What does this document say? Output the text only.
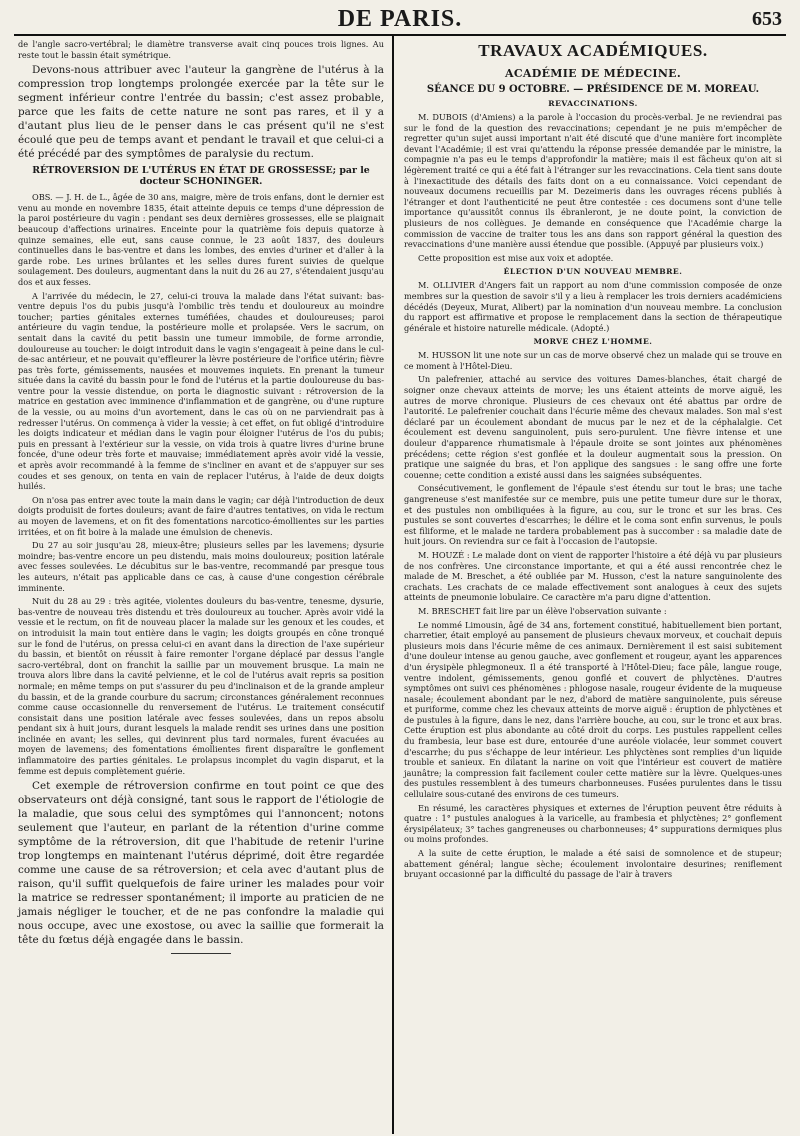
DE PARIS.	653

de l'angle sacro-vertébral; le diamètre transverse avait cinq pouces trois lignes. Au reste tout le bassin était symétrique.

Devons-nous attribuer avec l'auteur la gangrène de l'utérus à la compression trop longtemps prolongée exercée par la tête sur le segment inférieur contre l'entrée du bassin; c'est assez probable, parce que les faits de cette nature ne sont pas rares, et il y a d'autant plus lieu de le penser dans le cas présent qu'il ne s'est écoulé que peu de temps avant et pendant le travail et que celui-ci a été précédé par des symptômes de paralysie du rectum.

RÉTROVERSION DE L'UTÉRUS EN ÉTAT DE GROSSESSE; par le docteur SCHONINGER.

OBS. — J. H. de L., âgée de 30 ans, maigre, mère de trois enfans, dont le dernier est venu au monde en novembre 1835, était atteinte depuis ce temps d'une dépression de la paroi postérieure du vagin : pendant ses deux dernières grossesses, elle se plaignait beaucoup d'affections urinaires. Enceinte pour la quatrième fois depuis quatorze à quinze semaines, elle eut, sans cause connue, le 23 août 1837, des douleurs continuelles dans le bas-ventre et dans les lombes, des envies d'uriner et d'aller à la garde robe. Les urines brûlantes et les selles dures furent suivies de quelque soulagement. Des douleurs, augmentant dans la nuit du 26 au 27, s'étendaient jusqu'au dos et aux fesses.

A l'arrivée du médecin, le 27, celui-ci trouva la malade dans l'état suivant: bas-ventre depuis l'os du pubis jusqu'à l'ombilic très tendu et douloureux au moindre toucher; parties génitales externes tuméfiées, chaudes et douloureuses; paroi antérieure du vagin tendue, la postérieure molle et prolapsée. Vers le sacrum, on sentait dans la cavité du petit bassin une tumeur immobile, de forme arrondie, douloureuse au toucher: le doigt introduit dans le vagin s'engageait à peine dans le cul-de-sac antérieur, et ne pouvait qu'effleurer la lèvre postérieure de l'orifice utérin; fièvre pas très forte, gémissements, nausées et mouvemes inquiets. En prenant la tumeur située dans la cavité du bassin pour le fond de l'utérus et la partie douloureuse du bas-ventre pour la vessie distendue, on porta le diagnostic suivant : rétroversion de la matrice en gestation avec imminence d'inflammation et de gangrène, ou d'une rupture de la vessie, ou au moins d'un avortement, dans le cas où on ne parviendrait pas à redresser l'utérus. On commença à vider la vessie; à cet effet, on fut obligé d'introduire les doigts indicateur et médian dans le vagin pour éloigner l'utérus de l'os du pubis; puis en pressant à l'extérieur sur la vessie, on vida trois à quatre livres d'urine brune foncée, d'une odeur très forte et mauvaise; immédiatement après avoir vidé la vessie, et après avoir recommandé à la femme de s'incliner en avant et de s'appuyer sur ses coudes et ses genoux, on tenta en vain de replacer l'utérus, à l'aide de deux doigts huilés.

On n'osa pas entrer avec toute la main dans le vagin; car déjà l'introduction de deux doigts produisit de fortes douleurs; avant de faire d'autres tentatives, on vida le rectum au moyen de lavemens, et on fit des fomentations narcotico-émollientes sur les parties irritées, et on fit boire à la malade une émulsion de chenevis.

Du 27 au soir jusqu'au 28, mieux-être; plusieurs selles par les lavemens; dysurie moindre; bas-ventre encore un peu distendu, mais moins douloureux; position latérale avec fesses soulevées. Le décubitus sur le bas-ventre, recommandé par presque tous les auteurs, n'était pas applicable dans ce cas, à cause d'une congestion cérébrale imminente.

Nuit du 28 au 29 : très agitée, violentes douleurs du bas-ventre, tenesme, dysurie, bas-ventre de nouveau très distendu et très douloureux au toucher. Après avoir vidé la vessie et le rectum, on fit de nouveau placer la malade sur les genoux et les coudes, et on introduisit la main tout entière dans le vagin; les doigts groupés en cône tronqué sur le fond de l'utérus, on pressa celui-ci en avant dans la direction de l'axe supérieur du bassin, et bientôt on réussit à faire remonter l'organe déplacé par dessus l'angle sacro-vertébral, dont on franchit la saillie par un mouvement brusque. La main ne trouva alors libre dans la cavité pelvienne, et le col de l'utérus avait repris sa position normale; en même temps on put s'assurer du peu d'inclinaison et de la grande ampleur du bassin, et de la grande courbure du sacrum; circonstances généralement reconnues comme cause occasionnelle du renversement de l'utérus. Le traitement consécutif consistait dans une position latérale avec fesses soulevées, dans un repos absolu pendant six à huit jours, durant lesquels la malade rendit ses urines dans une position inclinée en avant; les selles, qui devinrent plus tard normales, furent évacuées au moyen de lavemens; des fomentations émollientes firent disparaître le gonflement inflammatoire des parties génitales. Le prolapsus incomplet du vagin disparut, et la femme est depuis complètement guérie.

Cet exemple de rétroversion confirme en tout point ce que des observateurs ont déjà consigné, tant sous le rapport de l'étiologie de la maladie, que sous celui des symptômes qui l'annoncent; notons seulement que l'auteur, en parlant de la rétention d'urine comme symptôme de la rétroversion, dit que l'habitude de retenir l'urine trop longtemps en maintenant l'utérus déprimé, doit être regardée comme une cause de sa rétroversion; et cela avec d'autant plus de raison, qu'il suffit quelquefois de faire uriner les malades pour voir la matrice se redresser spontanément; il importe au praticien de ne jamais négliger le toucher, et de ne pas confondre la maladie qui nous occupe, avec une exostose, ou avec la saillie que formerait la tête du fœtus déjà engagée dans le bassin.

TRAVAUX ACADÉMIQUES.
ACADÉMIE DE MÉDECINE.
SÉANCE DU 9 OCTOBRE. — PRÉSIDENCE DE M. MOREAU.
REVACCINATIONS.

M. DUBOIS (d'Amiens) a la parole à l'occasion du procès-verbal. Je ne reviendrai pas sur le fond de la question des revaccinations; cependant je ne puis m'empêcher de regretter qu'un sujet aussi important n'ait été discuté que d'une manière fort incomplète devant l'Académie; il est vrai qu'attendu la réponse pressée demandée par le ministre, la compagnie n'a pas eu le temps d'approfondir la matière; mais il est fâcheux qu'on ait si légèrement traité ce qui a été fait à l'étranger sur les revaccinations. Cela tient sans doute à l'inexactitude des détails des faits dont on a eu connaissance. Voici cependant de nouveaux documens recueillis par M. Dezeimeris dans les ouvrages récens publiés à l'étranger et dont l'authenticité ne peut être contestée : ces documens sont d'une telle importance qu'aussitôt connus ils ébranleront, je ne doute point, la conviction de plusieurs de nos collègues. Je demande en conséquence que l'Académie charge la commission de vaccine de traiter tous les ans dans son rapport général la question des revaccinations d'une manière aussi étendue que possible. (Appuyé par plusieurs voix.)

Cette proposition est mise aux voix et adoptée.

ÉLECTION D'UN NOUVEAU MEMBRE.

M. OLLIVIER d'Angers fait un rapport au nom d'une commission composée de onze membres sur la question de savoir s'il y a lieu à remplacer les trois derniers académiciens décédés (Deyeux, Murat, Alibert) par la nomination d'un nouveau membre. La conclusion du rapport est affirmative et propose le remplacement dans la section de thérapeutique générale et histoire naturelle médicale. (Adopté.)

MORVE CHEZ L'HOMME.

M. HUSSON lit une note sur un cas de morve observé chez un malade qui se trouve en ce moment à l'Hôtel-Dieu.

Un palefrenier, attaché au service des voitures Dames-blanches, était chargé de soigner onze chevaux atteints de morve; les uns étaient atteints de morve aiguë, les autres de morve chronique. Plusieurs de ces chevaux ont été abattus par ordre de l'autorité. Le palefrenier couchait dans l'écurie même des chevaux malades. Son mal s'est déclaré par un écoulement abondant de mucus par le nez et de la céphalalgie. Cet écoulement est devenu sanguinolent, puis sero-purulent. Une fièvre intense et une douleur d'apparence rhumatismale à l'épaule droite se sont jointes aux phénomènes précédens; cette région s'est gonflée et la douleur augmentait sous la pression. On pratique une saignée du bras, et l'on applique des sangsues : le sang offre une forte couenne; cette condition a existé aussi dans les saignées subséquentes.

Consécutivement, le gonflement de l'épaule s'est étendu sur tout le bras; une tache gangreneuse s'est manifestée sur ce membre, puis une petite tumeur dure sur le thorax, et des pustules non ombiliquées à la figure, au cou, sur le tronc et sur les bras. Ces pustules se sont couvertes d'escarrhes; le délire et le coma sont enfin survenus, le pouls est filiforme, et le malade ne tardera probablement pas à succomber : sa maladie date de huit jours. On reviendra sur ce fait à l'occasion de l'autopsie.

M. HOUZÉ : Le malade dont on vient de rapporter l'histoire a été déjà vu par plusieurs de nos confrères. Une circonstance importante, et qui a été aussi rencontrée chez le malade de M. Breschet, a été oubliée par M. Husson, c'est la nature sanguinolente des crachats. Les crachats de ce malade effectivement sont analogues à ceux des sujets atteints de pneumonie lobulaire. Ce caractère m'a paru digne d'attention.

M. BRESCHET fait lire par un élève l'observation suivante :

Le nommé Limousin, âgé de 34 ans, fortement constitué, habituellement bien portant, charretier, était employé au pansement de plusieurs chevaux morveux, et couchait depuis plusieurs mois dans l'écurie même de ces animaux. Dernièrement il est saisi subitement d'une douleur intense au genou gauche, avec gonflement et rougeur, ayant les apparences d'un érysipèle phlegmoneux. Il a été transporté à l'Hôtel-Dieu; face pâle, langue rouge, ventre indolent, gémissements, genou gonflé et couvert de phlyctènes. D'autres symptômes ont suivi ces phénomènes : phlogose nasale, rougeur évidente de la muqueuse nasale; écoulement abondant par le nez, d'abord de matière sanguinolente, puis séreuse et puriforme, comme chez les chevaux atteints de morve aiguë : éruption de phlyctènes et de pustules à la figure, dans le nez, dans l'arrière bouche, au cou, sur le tronc et aux bras. Cette éruption est plus abondante au côté droit du corps. Les pustules rappellent celles du frambesia, leur base est dure, entourée d'une auréole violacée, leur sommet couvert d'escarrhe; du pus s'échappe de leur intérieur. Les phlyctènes sont remplies d'un liquide trouble et sanieux. En dilatant la narine on voit que l'intérieur est couvert de matière jaunâtre; la compression fait facilement couler cette matière sur la lèvre. Quelques-unes des pustules ressemblent à des tumeurs charbonneuses. Fusées purulentes dans le tissu cellulaire sous-cutané des environs de ces tumeurs.

En résumé, les caractères physiques et externes de l'éruption peuvent être réduits à quatre : 1° pustules analogues à la varicelle, au frambesia et phlyctènes; 2° gonflement érysipélateux; 3° taches gangreneuses ou charbonneuses; 4° suppurations dermiques plus ou moins profondes.

A la suite de cette éruption, le malade a été saisi de somnolence et de stupeur; abattement général; langue sèche; écoulement involontaire desurines; reniflement bruyant occasionné par la difficulté du passage de l'air à travers
